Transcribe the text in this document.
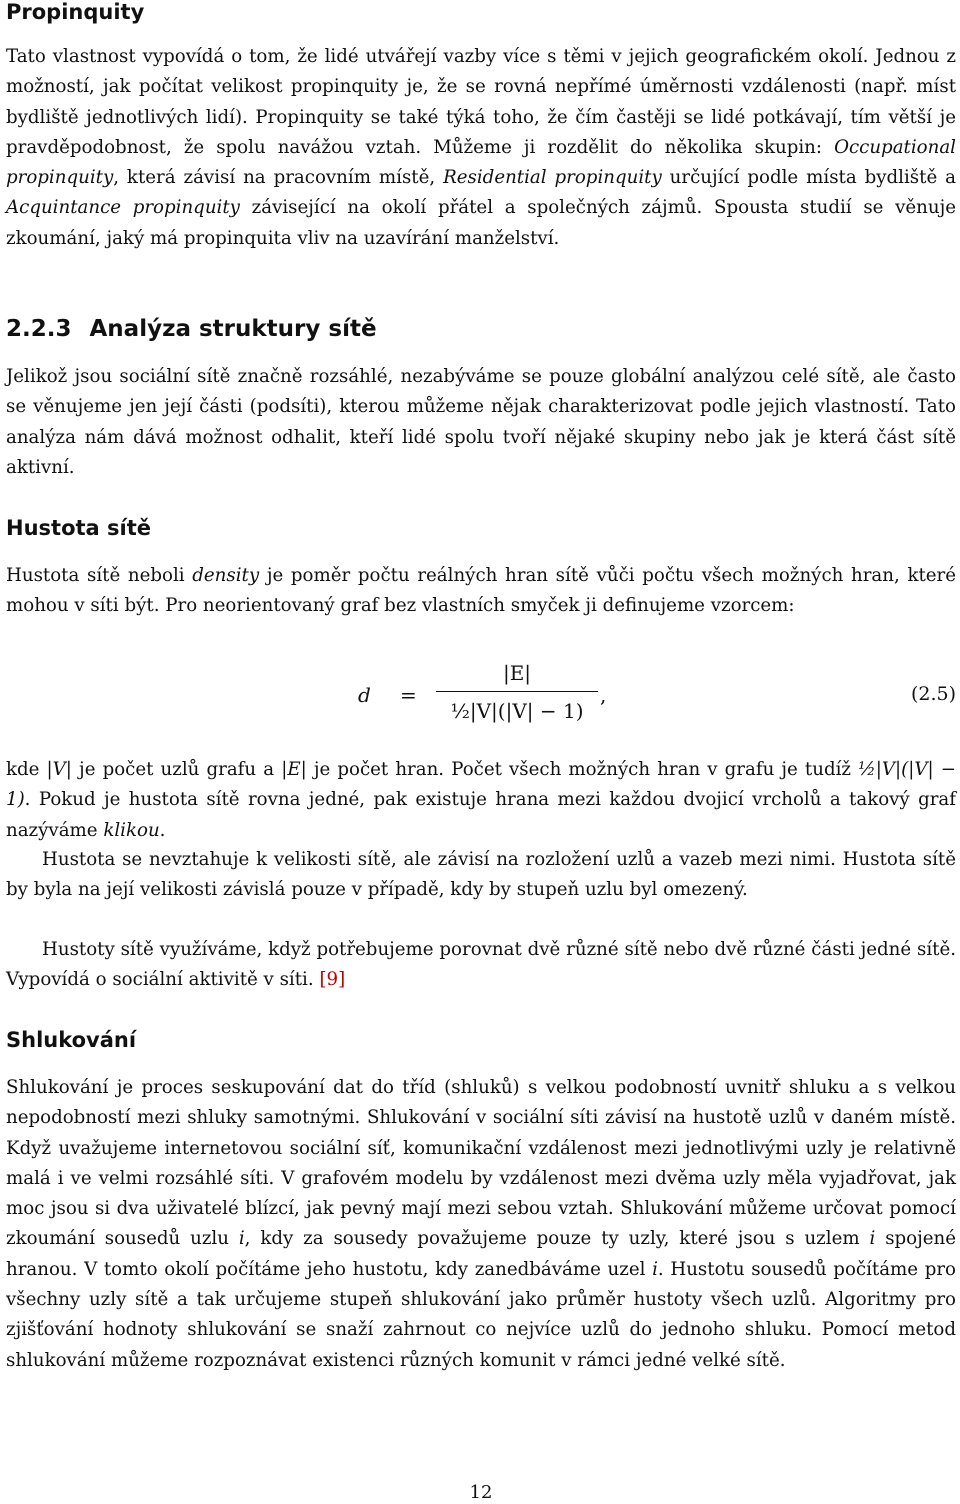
Propinquity

Tato vlastnost vypovídá o tom, že lidé utvářejí vazby více s těmi v jejich geografickém okolí. Jednou z možností, jak počítat velikost propinquity je, že se rovná nepřímé úměrnosti vzdálenosti (např. míst bydliště jednotlivých lidí). Propinquity se také týká toho, že čím častěji se lidé potkávají, tím větší je pravděpodobnost, že spolu navážou vztah. Můžeme ji rozdělit do několika skupin: Occupational propinquity, která závisí na pracovním místě, Residential propinquity určující podle místa bydliště a Acquintance propinquity závisející na okolí přátel a společných zájmů. Spousta studií se věnuje zkoumání, jaký má propinquita vliv na uzavírání manželství.

2.2.3 Analýza struktury sítě

Jelikož jsou sociální sítě značně rozsáhlé, nezabýváme se pouze globální analýzou celé sítě, ale často se věnujeme jen její části (podsíti), kterou můžeme nějak charakterizovat podle jejich vlastností. Tato analýza nám dává možnost odhalit, kteří lidé spolu tvoří nějaké skupiny nebo jak je která část sítě aktivní.

Hustota sítě

Hustota sítě neboli density je poměr počtu reálných hran sítě vůči počtu všech možných hran, které mohou v síti být. Pro neorientovaný graf bez vlastních smyček ji definujeme vzorcem:

d =
|E|
½|V|(|V| − 1)
,	(2.5)

kde |V| je počet uzlů grafu a |E| je počet hran. Počet všech možných hran v grafu je tudíž ½|V|(|V| − 1). Pokud je hustota sítě rovna jedné, pak existuje hrana mezi každou dvojicí vrcholů a takový graf nazýváme klikou.

Hustota se nevztahuje k velikosti sítě, ale závisí na rozložení uzlů a vazeb mezi nimi. Hustota sítě by byla na její velikosti závislá pouze v případě, kdy by stupeň uzlu byl omezený.

Hustoty sítě využíváme, když potřebujeme porovnat dvě různé sítě nebo dvě různé části jedné sítě. Vypovídá o sociální aktivitě v síti. [9]

Shlukování

Shlukování je proces seskupování dat do tříd (shluků) s velkou podobností uvnitř shluku a s velkou nepodobností mezi shluky samotnými. Shlukování v sociální síti závisí na hustotě uzlů v daném místě. Když uvažujeme internetovou sociální síť, komunikační vzdálenost mezi jednotlivými uzly je relativně malá i ve velmi rozsáhlé síti. V grafovém modelu by vzdálenost mezi dvěma uzly měla vyjadřovat, jak moc jsou si dva uživatelé blízcí, jak pevný mají mezi sebou vztah. Shlukování můžeme určovat pomocí zkoumání sousedů uzlu i, kdy za sousedy považujeme pouze ty uzly, které jsou s uzlem i spojené hranou. V tomto okolí počítáme jeho hustotu, kdy zanedbáváme uzel i. Hustotu sousedů počítáme pro všechny uzly sítě a tak určujeme stupeň shlukování jako průměr hustoty všech uzlů. Algoritmy pro zjišťování hodnoty shlukování se snaží zahrnout co nejvíce uzlů do jednoho shluku. Pomocí metod shlukování můžeme rozpoznávat existenci různých komunit v rámci jedné velké sítě.

12
